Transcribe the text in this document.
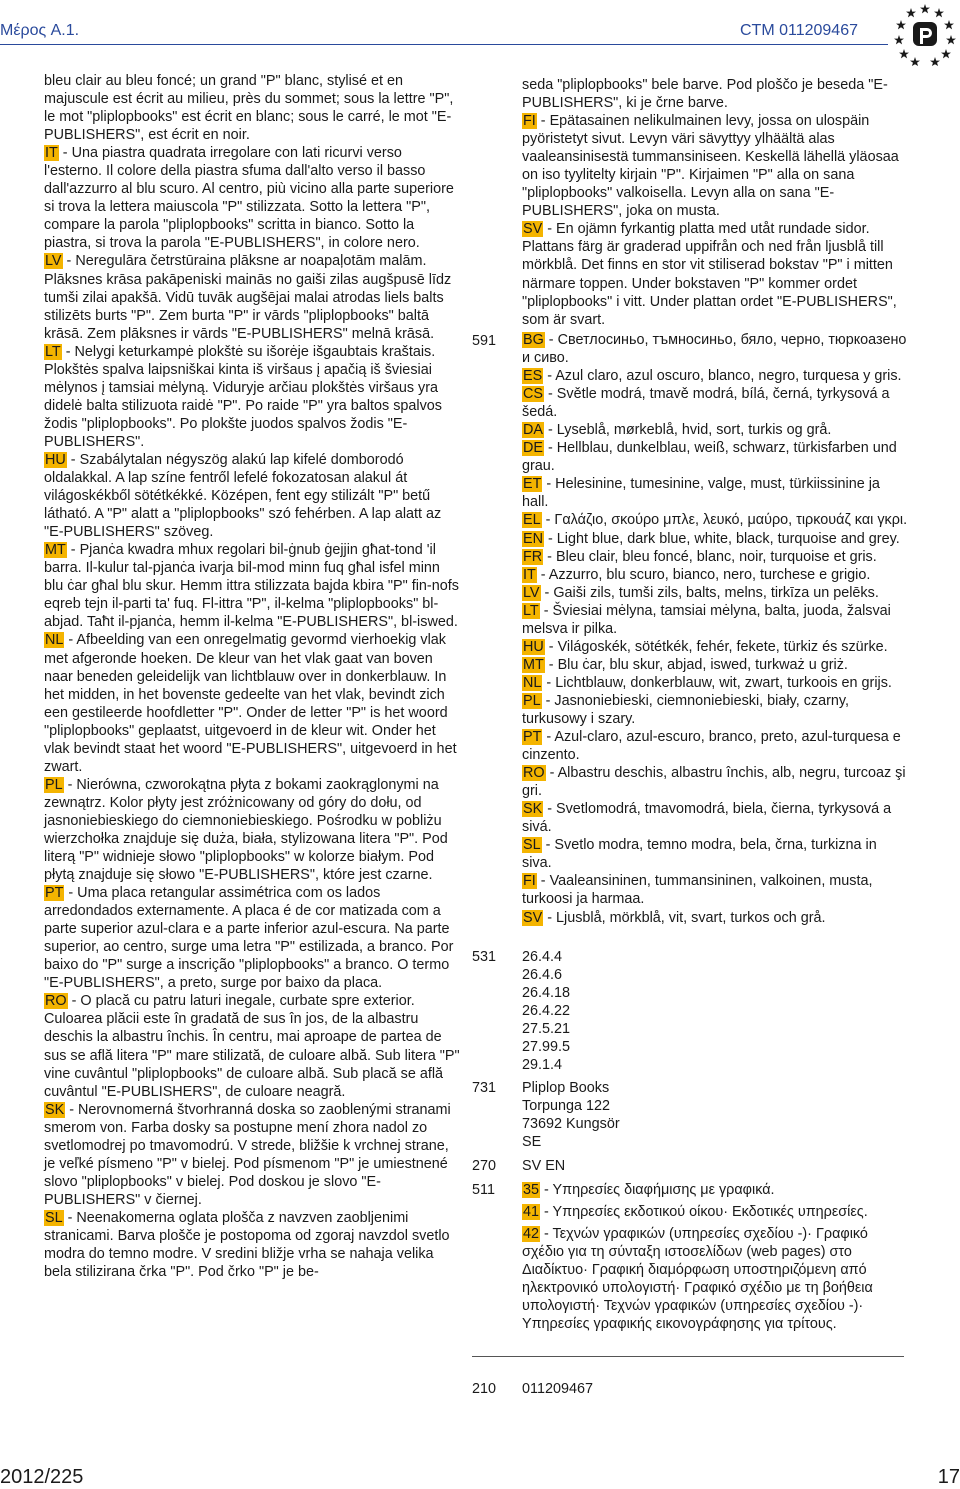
Μέρος A.1.	CTM 011209467

bleu clair au bleu foncé; un grand "P" blanc, stylisé et en majuscule est écrit au milieu, près du sommet; sous la lettre "P", le mot "pliplopbooks" est écrit en blanc; sous le carré, le mot "E-PUBLISHERS", est écrit en noir.

IT - Una piastra quadrata irregolare con lati ricurvi verso l'esterno. Il colore della piastra sfuma dall'alto verso il basso dall'azzurro al blu scuro. Al centro, più vicino alla parte superiore si trova la lettera maiuscola "P" stilizzata. Sotto la lettera "P", compare la parola "pliplopbooks" scritta in bianco. Sotto la piastra, si trova la parola "E-PUBLISHERS", in colore nero.

LV - Neregulāra četrstūraina plāksne ar noapaļotām malām. Plāksnes krāsa pakāpeniski mainās no gaiši zilas augšpusē līdz tumši zilai apakšā. Vidū tuvāk augšējai malai atrodas liels balts stilizēts burts "P". Zem burta "P" ir vārds "pliplopbooks" baltā krāsā. Zem plāksnes ir vārds "E-PUBLISHERS" melnā krāsā.

LT - Nelygi keturkampė plokštė su išorėje išgaubtais kraštais. Plokštės spalva laipsniškai kinta iš viršaus į apačią iš šviesiai mėlynos į tamsiai mėlyną. Viduryje arčiau plokštės viršaus yra didelė balta stilizuota raidė "P". Po raide "P" yra baltos spalvos žodis "pliplopbooks". Po plokšte juodos spalvos žodis "E-PUBLISHERS".

HU - Szabálytalan négyszög alakú lap kifelé domborodó oldalakkal. A lap színe fentről lefelé fokozatosan alakul át világoskékből sötétkékké. Középen, fent egy stilizált "P" betű látható. A "P" alatt a "pliplopbooks" szó fehérben. A lap alatt az "E-PUBLISHERS" szöveg.

MT - Pjanċa kwadra mhux regolari bil-ġnub ġejjin għat-tond 'il barra. Il-kulur tal-pjanċa ivarja bil-mod minn fuq għal isfel minn blu ċar għal blu skur. Hemm ittra stilizzata bajda kbira "P" fin-nofs eqreb tejn il-parti ta' fuq. Fl-ittra "P", il-kelma "pliplopbooks" bl-abjad. Taħt il-pjanċa, hemm il-kelma "E-PUBLISHERS", bl-iswed.

NL - Afbeelding van een onregelmatig gevormd vierhoekig vlak met afgeronde hoeken. De kleur van het vlak gaat van boven naar beneden geleidelijk van lichtblauw over in donkerblauw. In het midden, in het bovenste gedeelte van het vlak, bevindt zich een gestileerde hoofdletter "P". Onder de letter "P" is het woord "pliplopbooks" geplaatst, uitgevoerd in de kleur wit. Onder het vlak bevindt staat het woord "E-PUBLISHERS", uitgevoerd in het zwart.

PL - Nierówna, czworokątna płyta z bokami zaokrąglonymi na zewnątrz. Kolor płyty jest zróżnicowany od góry do dołu, od jasnoniebieskiego do ciemnoniebieskiego. Pośrodku w pobliżu wierzchołka znajduje się duża, biała, stylizowana litera "P". Pod literą "P" widnieje słowo "pliplopbooks" w kolorze białym. Pod płytą znajduje się słowo "E-PUBLISHERS", które jest czarne.

PT - Uma placa retangular assimétrica com os lados arredondados externamente. A placa é de cor matizada com a parte superior azul-clara e a parte inferior azul-escura. Na parte superior, ao centro, surge uma letra "P" estilizada, a branco. Por baixo do "P" surge a inscrição "pliplopbooks" a branco. O termo "E-PUBLISHERS", a preto, surge por baixo da placa.

RO - O placă cu patru laturi inegale, curbate spre exterior. Culoarea plăcii este în gradată de sus în jos, de la albastru deschis la albastru închis. În centru, mai aproape de partea de sus se află litera "P" mare stilizată, de culoare albă. Sub litera "P" vine cuvântul "pliplopbooks" de culoare albă. Sub placă se află cuvântul "E-PUBLISHERS", de culoare neagră.

SK - Nerovnomerná štvorhranná doska so zaoblenými stranami smerom von. Farba dosky sa postupne mení zhora nadol zo svetlomodrej po tmavomodrú. V strede, bližšie k vrchnej strane, je veľké písmeno "P" v bielej. Pod písmenom "P" je umiestnené slovo "pliplopbooks" v bielej. Pod doskou je slovo "E-PUBLISHERS" v čiernej.

SL - Neenakomerna oglata plošča z navzven zaobljenimi stranicami. Barva plošče je postopoma od zgoraj navzdol svetlo modra do temno modre. V sredini bližje vrha se nahaja velika bela stilizirana črka "P". Pod črko "P" je be-

seda "pliplopbooks" bele barve. Pod ploščo je beseda "E-PUBLISHERS", ki je črne barve.

FI - Epätasainen nelikulmainen levy, jossa on ulospäin pyöristetyt sivut. Levyn väri sävyttyy ylhäältä alas vaaleansinisestä tummansiniseen. Keskellä lähellä yläosaa on iso tyylitelty kirjain "P". Kirjaimen "P" alla on sana "pliplopbooks" valkoisella. Levyn alla on sana "E-PUBLISHERS", joka on musta.

SV - En ojämn fyrkantig platta med utåt rundade sidor. Plattans färg är graderad uppifrån och ned från ljusblå till mörkblå. Det finns en stor vit stiliserad bokstav "P" i mitten närmare toppen. Under bokstaven "P" kommer ordet "pliplopbooks" i vitt. Under plattan ordet "E-PUBLISHERS", som är svart.

591	BG - Светлосиньо, тъмносиньо, бяло, черно, тюркоазено и сиво.

ES - Azul claro, azul oscuro, blanco, negro, turquesa y gris.

CS - Světle modrá, tmavě modrá, bílá, černá, tyrkysová a šedá.

DA - Lyseblå, mørkeblå, hvid, sort, turkis og grå.

DE - Hellblau, dunkelblau, weiß, schwarz, türkisfarben und grau.

ET - Helesinine, tumesinine, valge, must, türkiissinine ja hall.

EL - Γαλάζιο, σκούρο μπλε, λευκό, μαύρο, τιρκουάζ και γκρι.

EN - Light blue, dark blue, white, black, turquoise and grey.

FR - Bleu clair, bleu foncé, blanc, noir, turquoise et gris.

IT - Azzurro, blu scuro, bianco, nero, turchese e grigio.

LV - Gaiši zils, tumši zils, balts, melns, tirkīza un pelēks.

LT - Šviesiai mėlyna, tamsiai mėlyna, balta, juoda, žalsvai melsva ir pilka.

HU - Világoskék, sötétkék, fehér, fekete, türkiz és szürke.

MT - Blu ċar, blu skur, abjad, iswed, turkważ u griż.

NL - Lichtblauw, donkerblauw, wit, zwart, turkoois en grijs.

PL - Jasnoniebieski, ciemnoniebieski, biały, czarny, turkusowy i szary.

PT - Azul-claro, azul-escuro, branco, preto, azul-turquesa e cinzento.

RO - Albastru deschis, albastru închis, alb, negru, turcoaz şi gri.

SK - Svetlomodrá, tmavomodrá, biela, čierna, tyrkysová a sivá.

SL - Svetlo modra, temno modra, bela, črna, turkizna in siva.

FI - Vaaleansininen, tummansininen, valkoinen, musta, turkoosi ja harmaa.

SV - Ljusblå, mörkblå, vit, svart, turkos och grå.

531	26.4.4
26.4.6
26.4.18
26.4.22
27.5.21
27.99.5
29.1.4
731	Pliplop Books
Torpunga 122
73692 Kungsör
SE
270	SV EN
511	35 - Υπηρεσίες διαφήμισης με γραφικά.

41 - Υπηρεσίες εκδοτικού οίκου· Εκδοτικές υπηρεσίες.

42 - Τεχνών γραφικών (υπηρεσίες σχεδίου -)· Γραφικό σχέδιο για τη σύνταξη ιστοσελίδων (web pages) στο Διαδίκτυο· Γραφική διαμόρφωση υποστηριζόμενη από ηλεκτρονικό υπολογιστή· Γραφικό σχέδιο με τη βοήθεια υπολογιστή· Τεχνών γραφικών (υπηρεσίες σχεδίου -)· Υπηρεσίες γραφικής εικονογράφησης για τρίτους.

210	011209467
2012/225	17
